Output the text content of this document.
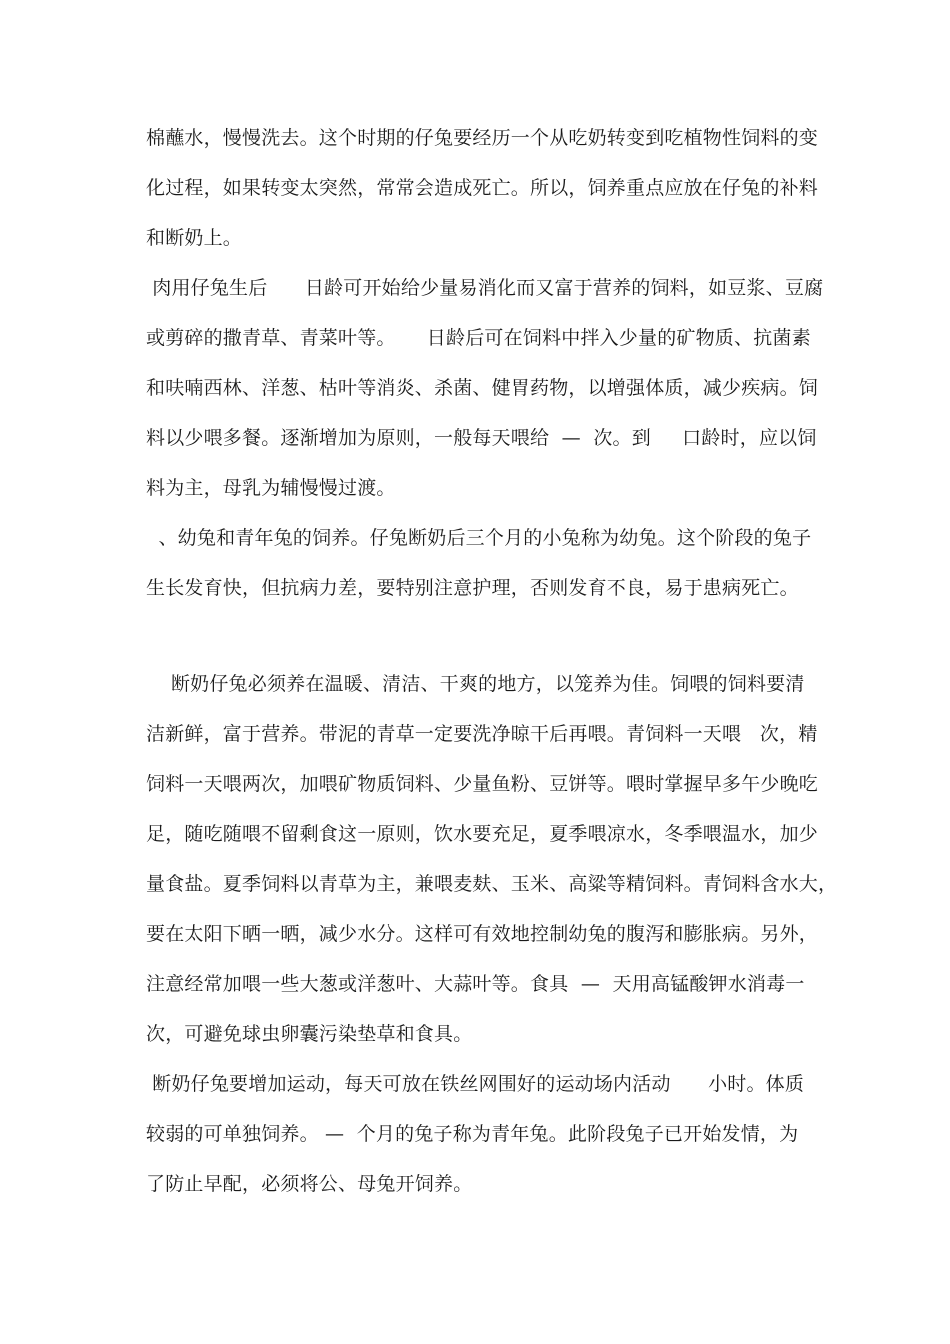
棉蘸水，慢慢洗去。这个时期的仔兔要经历一个从吃奶转变到吃植物性饲料的变
化过程，如果转变太突然，常常会造成死亡。所以，饲养重点应放在仔兔的补料
和断奶上。
肉用仔兔生后      日龄可开始给少量易消化而又富于营养的饲料，如豆浆、豆腐
或剪碎的撒青草、青菜叶等。     日龄后可在饲料中拌入少量的矿物质、抗菌素
和呋喃西林、洋葱、枯叶等消炎、杀菌、健胃药物，以增强体质，减少疾病。饲
料以少喂多餐。逐渐增加为原则，一般每天喂给  —  次。到     口龄时，应以饲
料为主，母乳为辅慢慢过渡。
、幼兔和青年兔的饲养。仔兔断奶后三个月的小兔称为幼兔。这个阶段的兔子
生长发育快，但抗病力差，要特别注意护理，否则发育不良，易于患病死亡。
断奶仔兔必须养在温暖、清洁、干爽的地方，以笼养为佳。饲喂的饲料要清
洁新鲜，富于营养。带泥的青草一定要洗净晾干后再喂。青饲料一天喂   次，精
饲料一天喂两次，加喂矿物质饲料、少量鱼粉、豆饼等。喂时掌握早多午少晚吃
足，随吃随喂不留剩食这一原则，饮水要充足，夏季喂凉水，冬季喂温水，加少
量食盐。夏季饲料以青草为主，兼喂麦麸、玉米、高粱等精饲料。青饲料含水大，
要在太阳下晒一晒，减少水分。这样可有效地控制幼兔的腹泻和膨胀病。另外，
注意经常加喂一些大葱或洋葱叶、大蒜叶等。食具  —  天用高锰酸钾水消毒一
次，可避免球虫卵囊污染垫草和食具。
断奶仔兔要增加运动，每天可放在铁丝网围好的运动场内活动      小时。体质
较弱的可单独饲养。 —  个月的兔子称为青年兔。此阶段兔子已开始发情，为
了防止早配，必须将公、母兔开饲养。
